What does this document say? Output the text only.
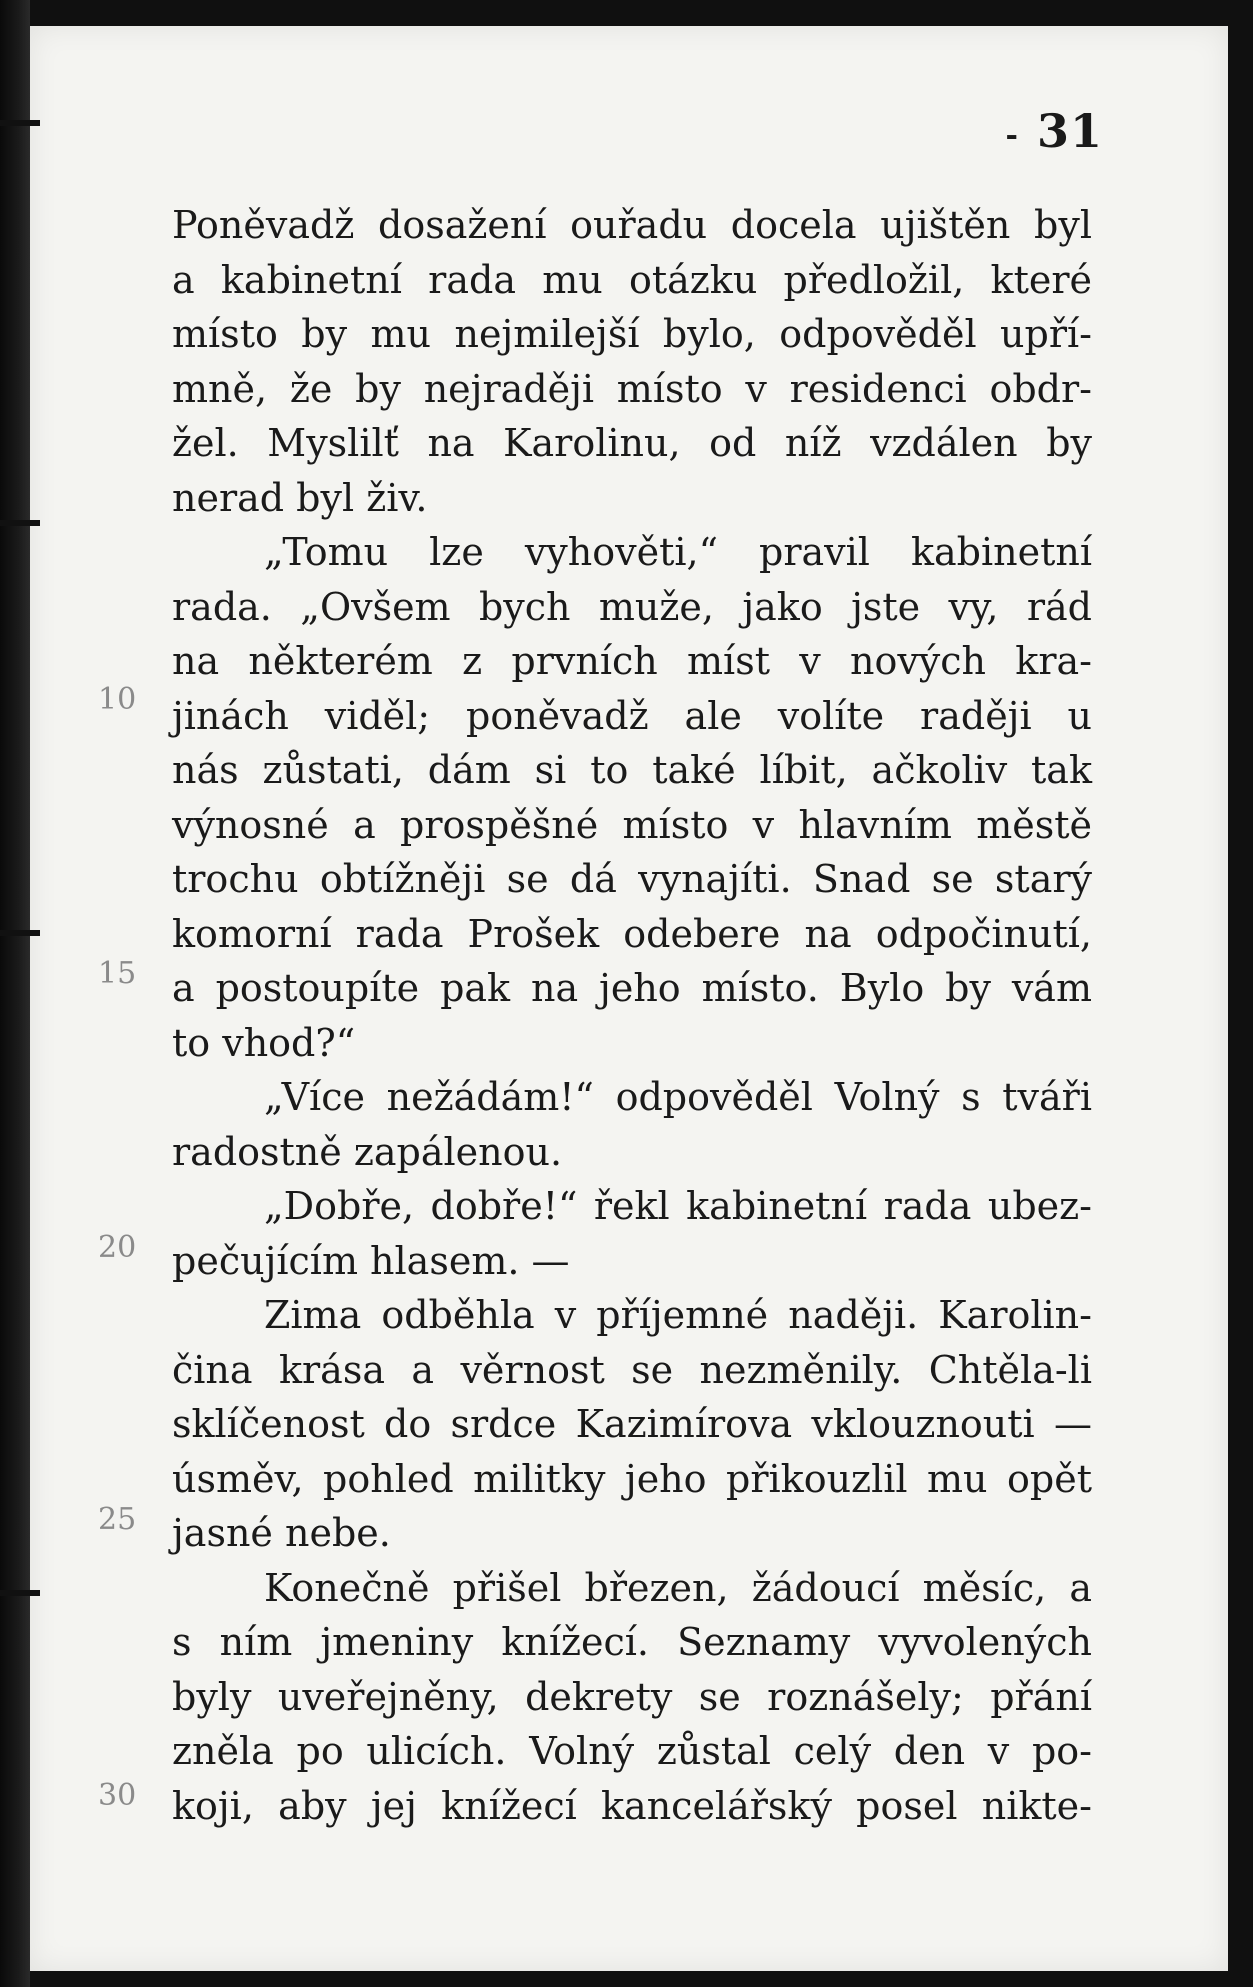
- 31
10
15
20
25
30
Poněvadž dosažení ouřadu docela ujištěn byl
a kabinetní rada mu otázku předložil, které
místo by mu nejmilejší bylo, odpověděl upří-
mně, že by nejraději místo v residenci obdr-
žel. Myslilť na Karolinu, od níž vzdálen by
nerad byl živ.
„Tomu lze vyhověti,“ pravil kabinetní
rada. „Ovšem bych muže, jako jste vy, rád
na některém z prvních míst v nových kra-
jinách viděl; poněvadž ale volíte raději u
nás zůstati, dám si to také líbit, ačkoliv tak
výnosné a prospěšné místo v hlavním městě
trochu obtížněji se dá vynajíti. Snad se starý
komorní rada Prošek odebere na odpočinutí,
a postoupíte pak na jeho místo. Bylo by vám
to vhod?“
„Více nežádám!“ odpověděl Volný s tváři
radostně zapálenou.
„Dobře, dobře!“ řekl kabinetní rada ubez-
pečujícím hlasem. —
Zima odběhla v příjemné naději. Karolin-
čina krása a věrnost se nezměnily. Chtěla-li
sklíčenost do srdce Kazimírova vklouznouti —
úsměv, pohled militky jeho přikouzlil mu opět
jasné nebe.
Konečně přišel březen, žádoucí měsíc, a
s ním jmeniny knížecí. Seznamy vyvolených
byly uveřejněny, dekrety se roznášely; přání
zněla po ulicích. Volný zůstal celý den v po-
koji, aby jej knížecí kancelářský posel nikte-
